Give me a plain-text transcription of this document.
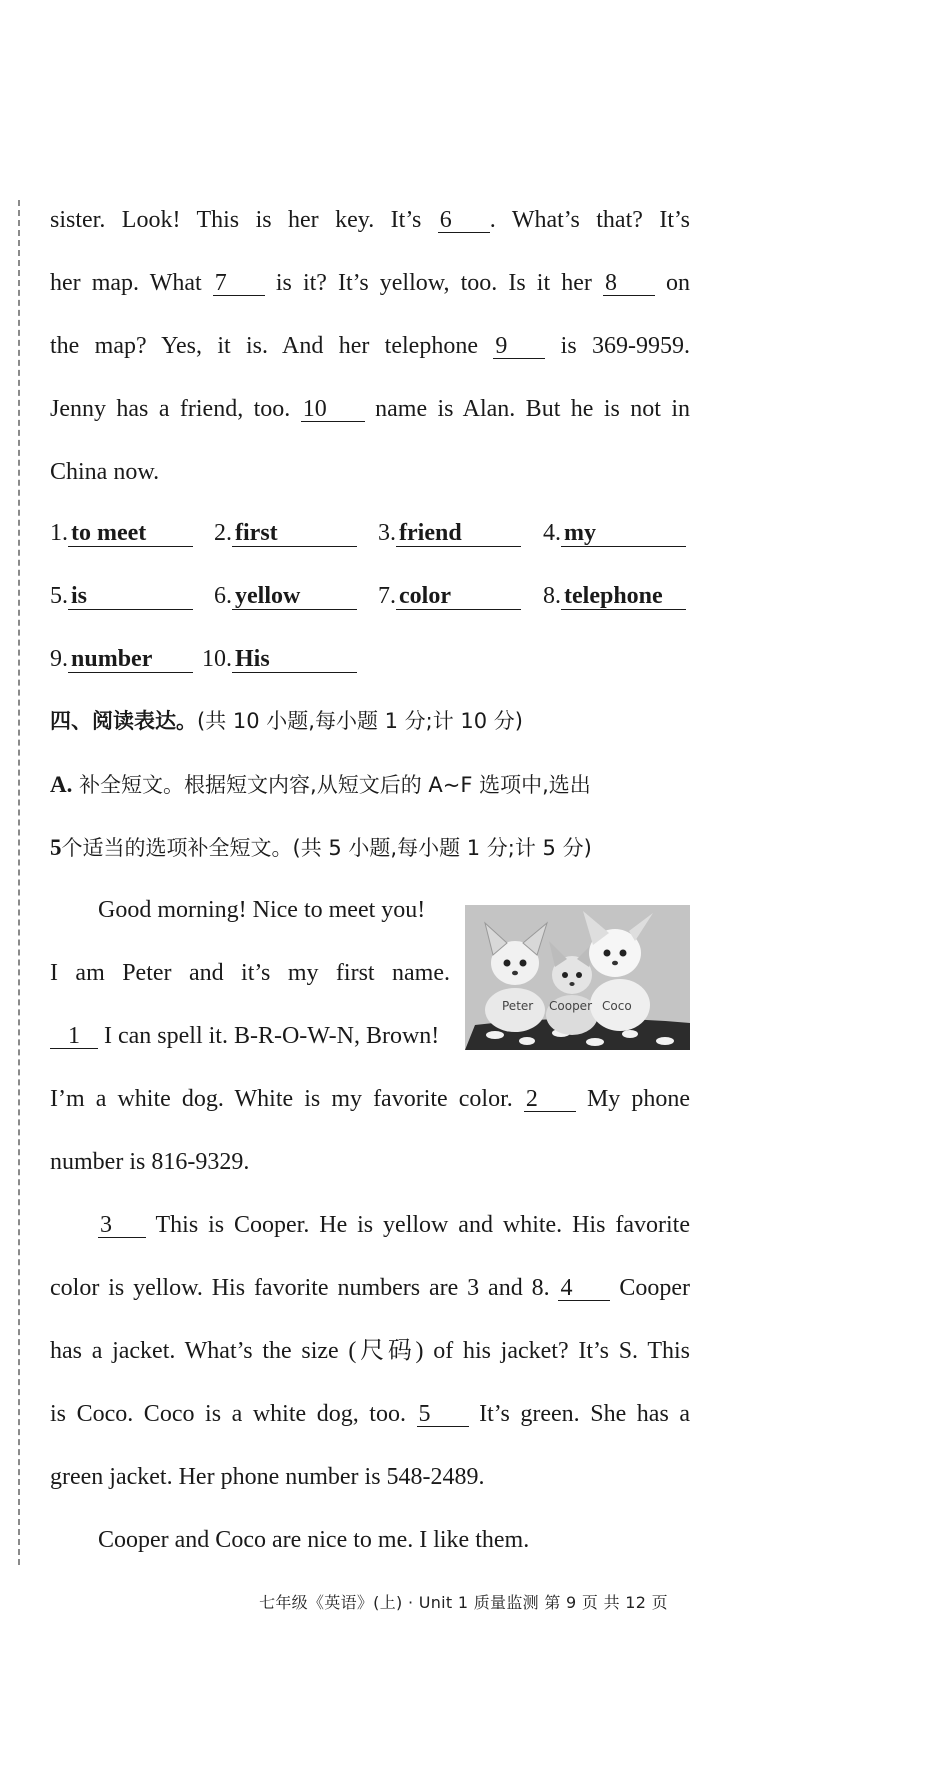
sister. Look! This is her key. It’s 6 . What’s that? It’s
her map. What 7 is it? It’s yellow, too. Is it her 8 on
the map? Yes, it is. And her telephone 9 is 369-9959.
Jenny has a friend, too. 10 name is Alan. But he is not in
China now.
1. to meet	2. first	3. friend	4. my
5. is	6. yellow	7. color	8. telephone
9. number	10. His
四、阅读表达。(共 10 小题,每小题 1 分;计 10 分)
A. 补全短文。根据短文内容,从短文后的 A~F 选项中,选出
5个适当的选项补全短文。(共 5 小题,每小题 1 分;计 5 分)
Good morning! Nice to meet you!
I am Peter and it’s my first name.
1 I can spell it. B-R-O-W-N, Brown!
Peter Cooper Coco
I’m a white dog. White is my favorite color. 2 My phone
number is 816-9329.
3 This is Cooper. He is yellow and white. His favorite
color is yellow. His favorite numbers are 3 and 8. 4 Cooper
has a jacket. What’s the size (尺码) of his jacket? It’s S. This
is Coco. Coco is a white dog, too. 5 It’s green. She has a
green jacket. Her phone number is 548-2489.
Cooper and Coco are nice to me. I like them.
七年级《英语》(上) · Unit 1 质量监测 第 9 页 共 12 页
